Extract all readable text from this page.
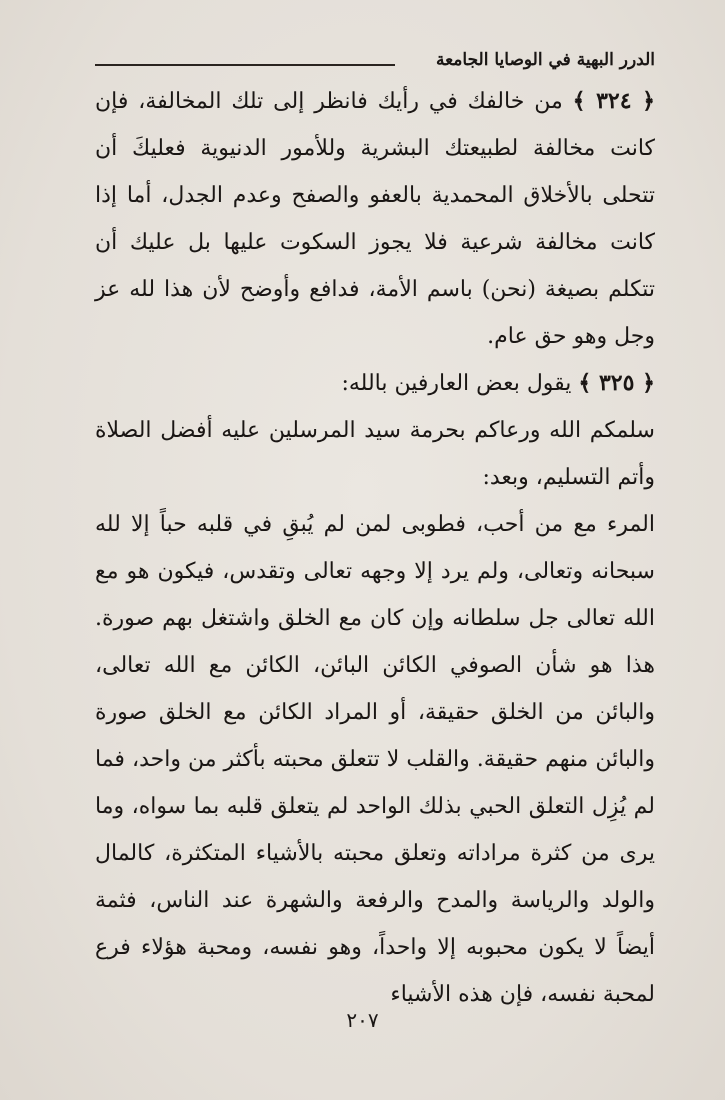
الدرر البهية في الوصايا الجامعة

﴿ ٣٢٤ ﴾ من خالفك في رأيك فانظر إلى تلك المخالفة، فإن كانت مخالفة لطبيعتك البشرية وللأمور الدنيوية فعليكَ أن تتحلى بالأخلاق المحمدية بالعفو والصفح وعدم الجدل، أما إذا كانت مخالفة شرعية فلا يجوز السكوت عليها بل عليك أن تتكلم بصيغة (نحن) باسم الأمة، فدافع وأوضح لأن هذا لله عز وجل وهو حق عام.

﴿ ٣٢٥ ﴾ يقول بعض العارفين بالله:

سلمكم الله ورعاكم بحرمة سيد المرسلين عليه أفضل الصلاة وأتم التسليم، وبعد:

المرء مع من أحب، فطوبى لمن لم يُبقِ في قلبه حباً إلا لله سبحانه وتعالى، ولم يرد إلا وجهه تعالى وتقدس، فيكون هو مع الله تعالى جل سلطانه وإن كان مع الخلق واشتغل بهم صورة. هذا هو شأن الصوفي الكائن البائن، الكائن مع الله تعالى، والبائن من الخلق حقيقة، أو المراد الكائن مع الخلق صورة والبائن منهم حقيقة. والقلب لا تتعلق محبته بأكثر من واحد، فما لم يُزِل التعلق الحبي بذلك الواحد لم يتعلق قلبه بما سواه، وما يرى من كثرة مراداته وتعلق محبته بالأشياء المتكثرة، كالمال والولد والرياسة والمدح والرفعة والشهرة عند الناس، فثمة أيضاً لا يكون محبوبه إلا واحداً، وهو نفسه، ومحبة هؤلاء فرع لمحبة نفسه، فإن هذه الأشياء

٢٠٧
